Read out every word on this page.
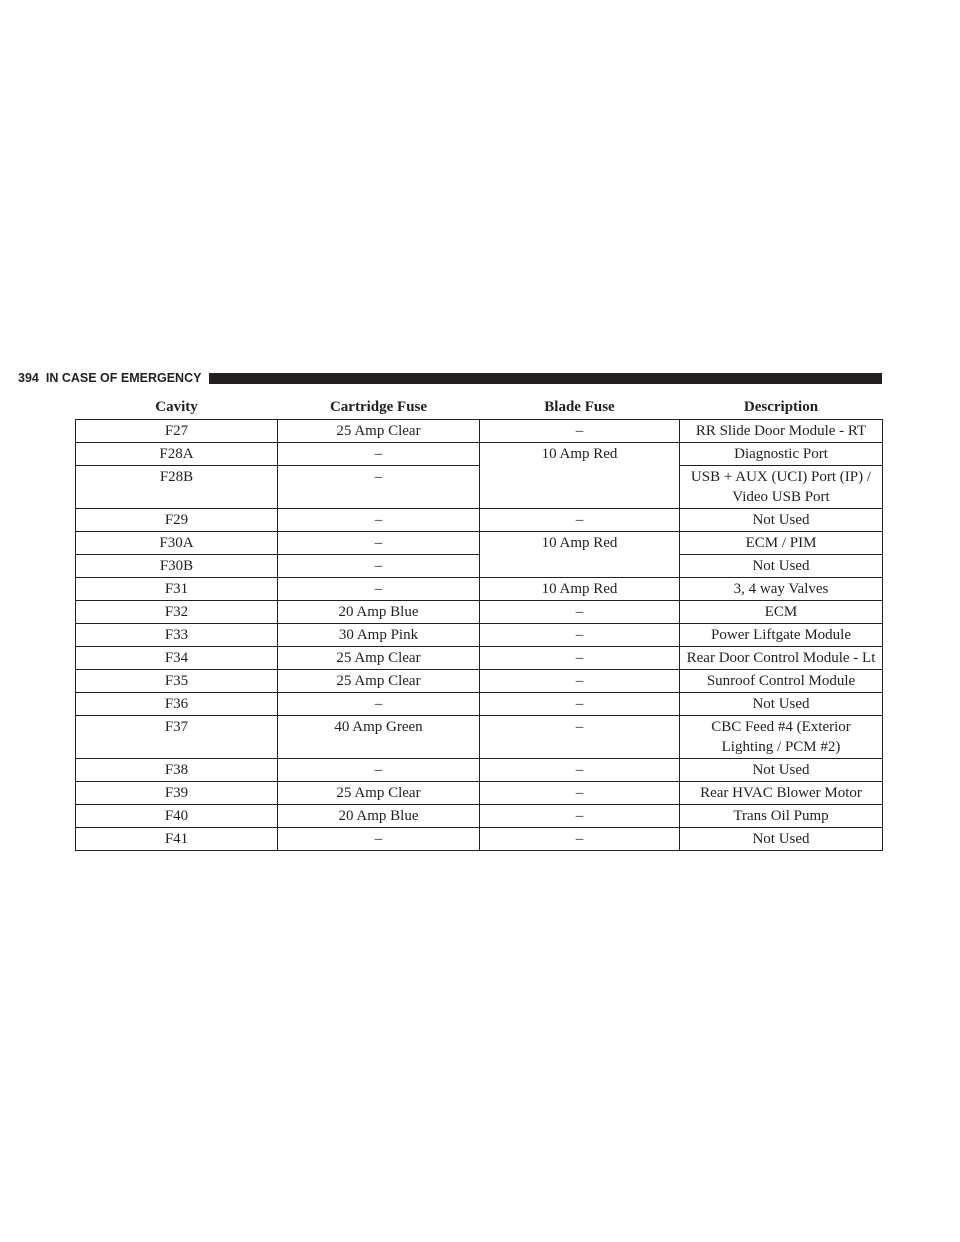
394 IN CASE OF EMERGENCY
Cavity	Cartridge Fuse	Blade Fuse	Description
F27	25 Amp Clear	–	RR Slide Door Module - RT
F28A	–	10 Amp Red	Diagnostic Port
F28B	–		USB + AUX (UCI) Port (IP) / Video USB Port
F29	–	–	Not Used
F30A	–	10 Amp Red	ECM / PIM
F30B	–		Not Used
F31	–	10 Amp Red	3, 4 way Valves
F32	20 Amp Blue	–	ECM
F33	30 Amp Pink	–	Power Liftgate Module
F34	25 Amp Clear	–	Rear Door Control Module - Lt
F35	25 Amp Clear	–	Sunroof Control Module
F36	–	–	Not Used
F37	40 Amp Green	–	CBC Feed #4 (Exterior Lighting / PCM #2)
F38	–	–	Not Used
F39	25 Amp Clear	–	Rear HVAC Blower Motor
F40	20 Amp Blue	–	Trans Oil Pump
F41	–	–	Not Used
